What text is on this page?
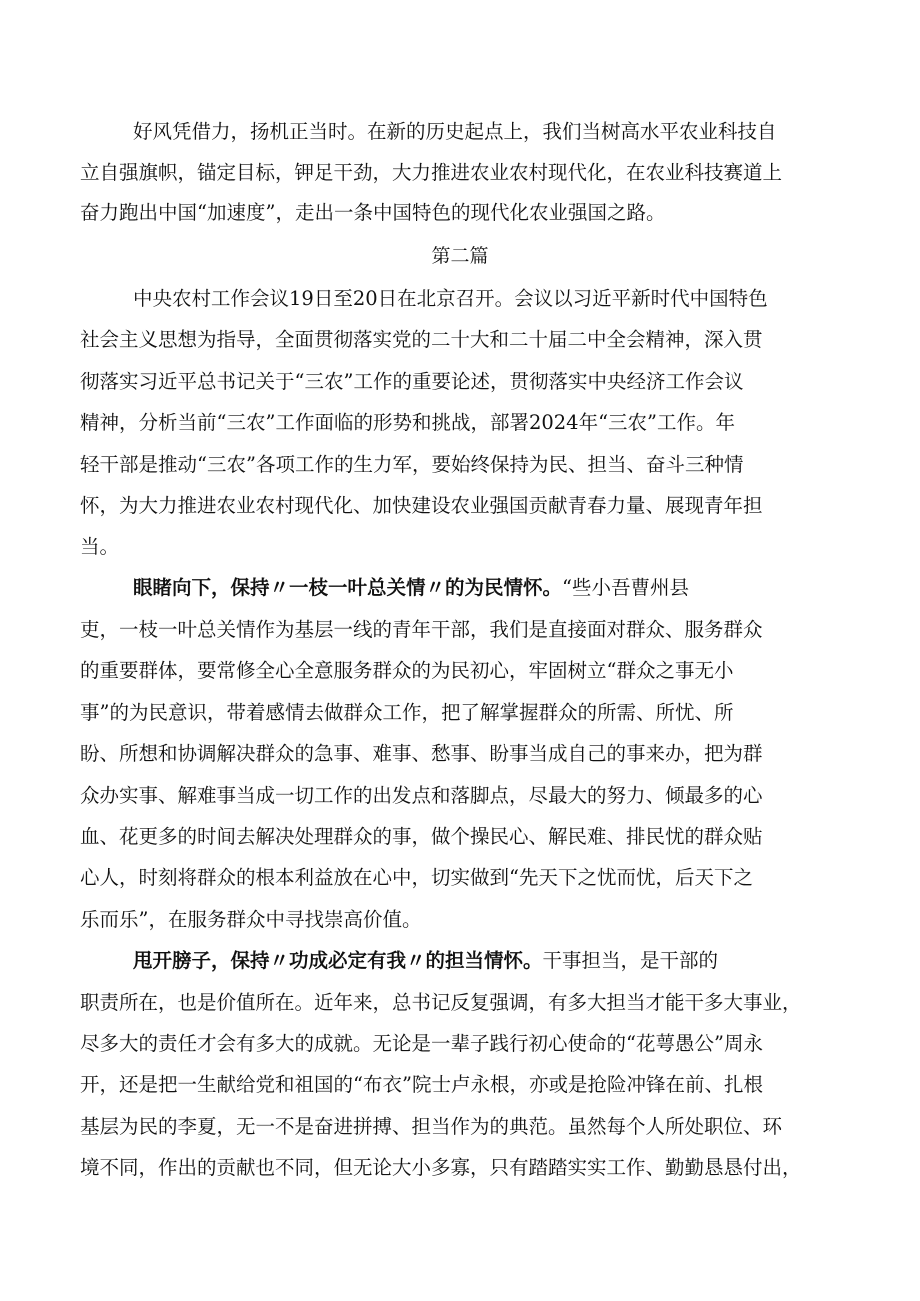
好风凭借力，扬机正当时。在新的历史起点上，我们当树高水平农业科技自
立自强旗帜，锚定目标，钾足干劲，大力推进农业农村现代化，在农业科技赛道上
奋力跑出中国“加速度”，走出一条中国特色的现代化农业强国之路。
第二篇
中央农村工作会议19日至20日在北京召开。会议以习近平新时代中国特色
社会主义思想为指导，全面贯彻落实党的二十大和二十届二中全会精神，深入贯
彻落实习近平总书记关于“三农”工作的重要论述，贯彻落实中央经济工作会议
精神，分析当前“三农”工作面临的形势和挑战，部署2024年“三农”工作。年
轻干部是推动“三农”各项工作的生力军，要始终保持为民、担当、奋斗三种情
怀，为大力推进农业农村现代化、加快建设农业强国贡献青春力量、展现青年担
当。
眼睹向下，保持〃一枝一叶总关情〃的为民情怀。“些小吾曹州县
吏，一枝一叶总关情作为基层一线的青年干部，我们是直接面对群众、服务群众
的重要群体，要常修全心全意服务群众的为民初心，牢固树立“群众之事无小
事”的为民意识，带着感情去做群众工作，把了解掌握群众的所需、所忧、所
盼、所想和协调解决群众的急事、难事、愁事、盼事当成自己的事来办，把为群
众办实事、解难事当成一切工作的出发点和落脚点，尽最大的努力、倾最多的心
血、花更多的时间去解决处理群众的事，做个操民心、解民难、排民忧的群众贴
心人，时刻将群众的根本利益放在心中，切实做到“先天下之忧而忧，后天下之
乐而乐”，在服务群众中寻找崇高价值。
甩开膀子，保持〃功成必定有我〃的担当情怀。干事担当，是干部的
职责所在，也是价值所在。近年来，总书记反复强调，有多大担当才能干多大事业，
尽多大的责任才会有多大的成就。无论是一辈子践行初心使命的“花萼愚公”周永
开，还是把一生献给党和祖国的“布衣”院士卢永根，亦或是抢险冲锋在前、扎根
基层为民的李夏，无一不是奋进拼搏、担当作为的典范。虽然每个人所处职位、环
境不同，作出的贡献也不同，但无论大小多寡，只有踏踏实实工作、勤勤恳恳付出，
